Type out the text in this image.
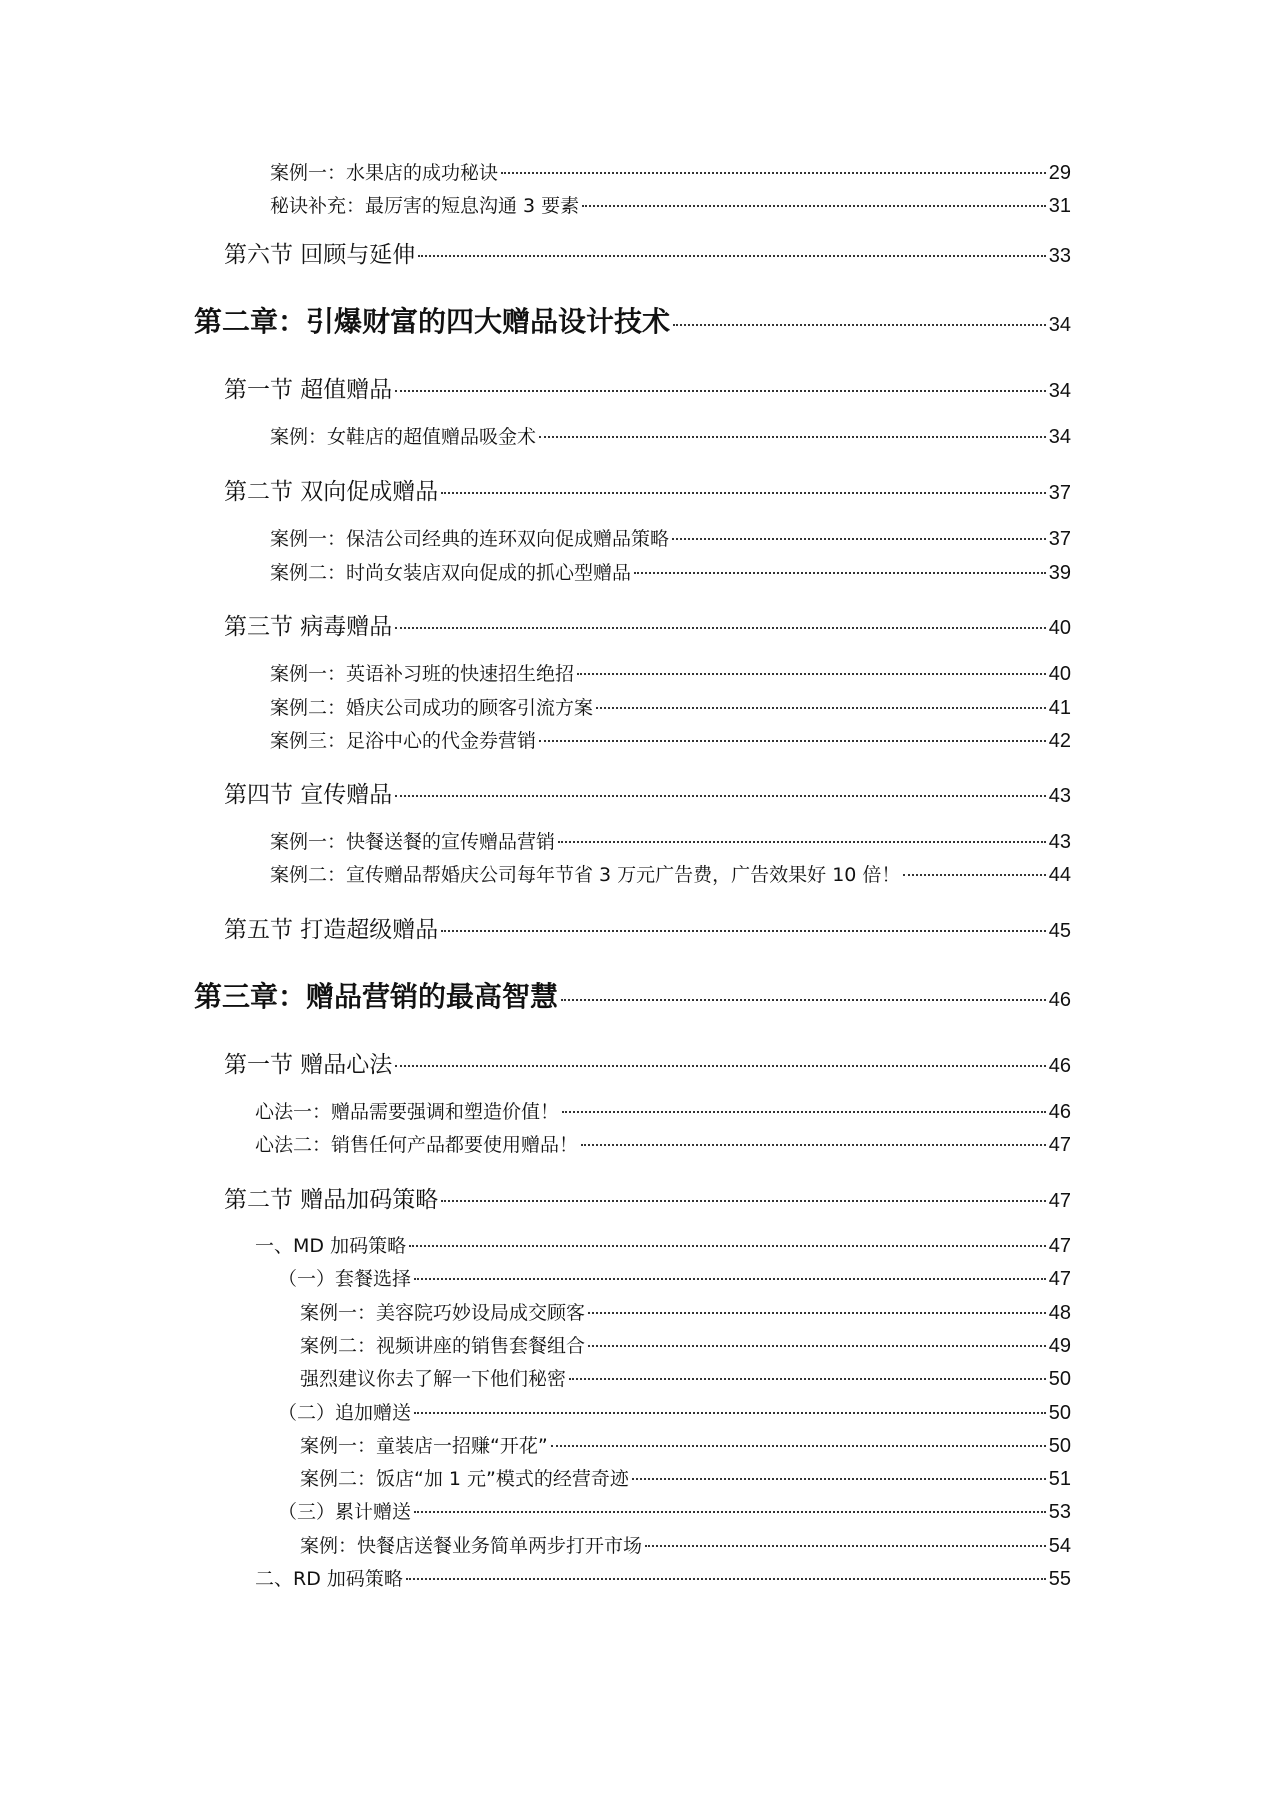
案例一：水果店的成功秘诀	29
秘诀补充：最厉害的短息沟通 3 要素	31
第六节 回顾与延伸	33
第二章：引爆财富的四大赠品设计技术	34
第一节 超值赠品	34
案例：女鞋店的超值赠品吸金术	34
第二节 双向促成赠品	37
案例一：保洁公司经典的连环双向促成赠品策略	37
案例二：时尚女装店双向促成的抓心型赠品	39
第三节 病毒赠品	40
案例一：英语补习班的快速招生绝招	40
案例二：婚庆公司成功的顾客引流方案	41
案例三：足浴中心的代金券营销	42
第四节 宣传赠品	43
案例一：快餐送餐的宣传赠品营销	43
案例二：宣传赠品帮婚庆公司每年节省 3 万元广告费，广告效果好 10 倍！	44
第五节 打造超级赠品	45
第三章：赠品营销的最高智慧	46
第一节 赠品心法	46
心法一：赠品需要强调和塑造价值！	46
心法二：销售任何产品都要使用赠品！	47
第二节 赠品加码策略	47
一、MD 加码策略	47
（一）套餐选择	47
案例一：美容院巧妙设局成交顾客	48
案例二：视频讲座的销售套餐组合	49
强烈建议你去了解一下他们秘密	50
（二）追加赠送	50
案例一：童装店一招赚“开花”	50
案例二：饭店“加 1 元”模式的经营奇迹	51
（三）累计赠送	53
案例：快餐店送餐业务简单两步打开市场	54
二、RD 加码策略	55
